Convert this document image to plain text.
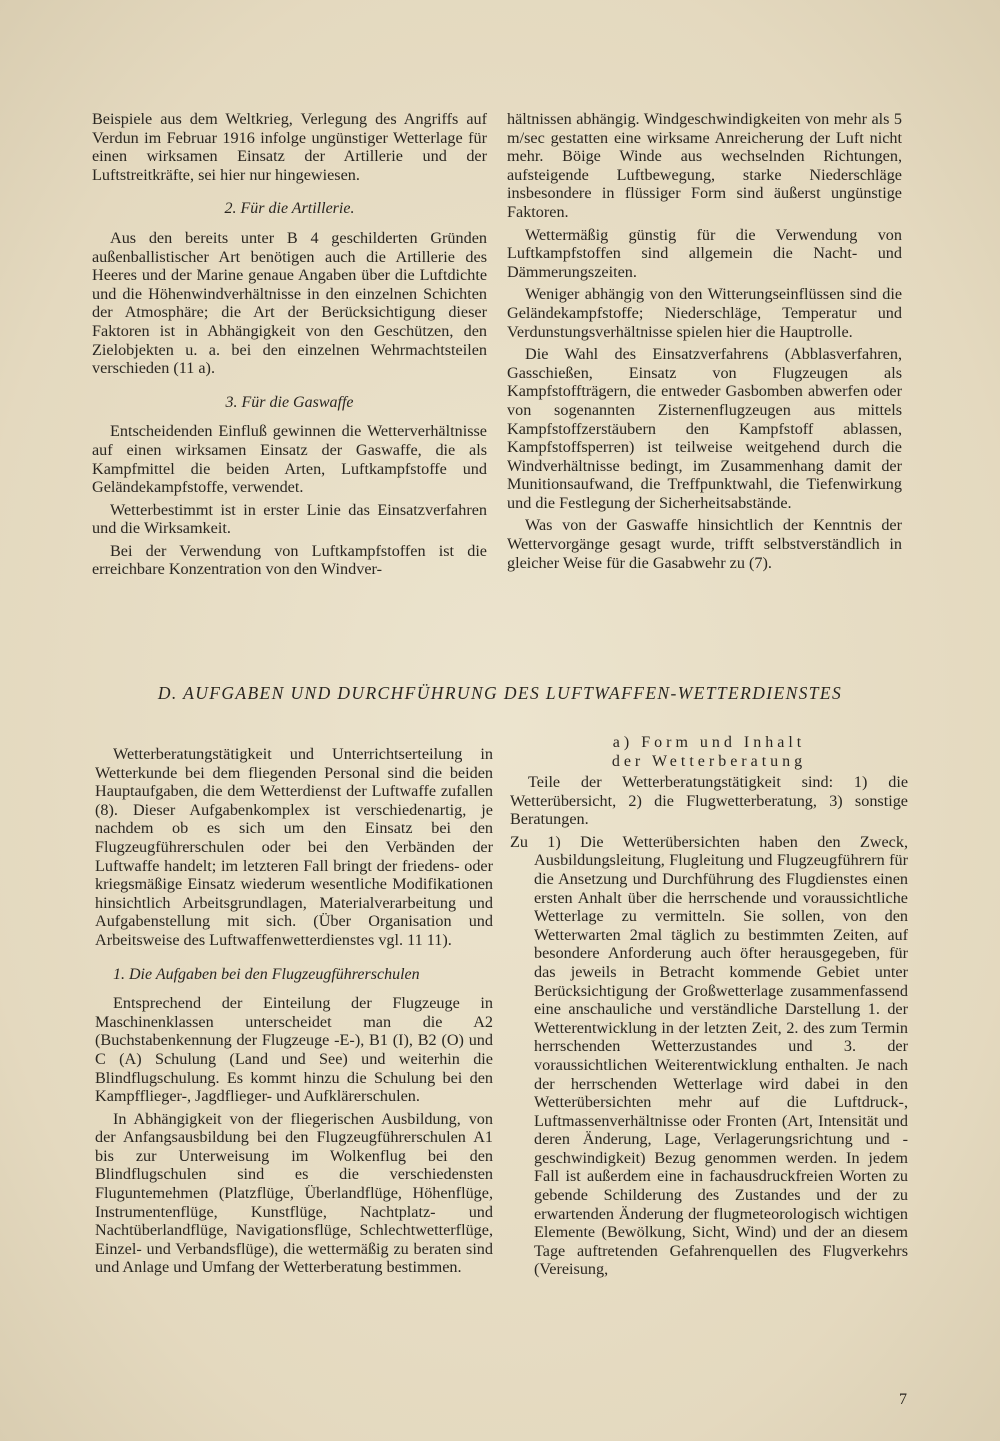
Beispiele aus dem Weltkrieg, Verlegung des Angriffs auf Verdun im Februar 1916 infolge ungünstiger Wetterlage für einen wirksamen Einsatz der Artillerie und der Luftstreitkräfte, sei hier nur hingewiesen.

2. Für die Artillerie.

Aus den bereits unter B 4 geschilderten Gründen außenballistischer Art benötigen auch die Artillerie des Heeres und der Marine genaue Angaben über die Luftdichte und die Höhenwindverhältnisse in den einzelnen Schichten der Atmosphäre; die Art der Berücksichtigung dieser Faktoren ist in Abhängigkeit von den Geschützen, den Zielobjekten u. a. bei den einzelnen Wehrmachtsteilen verschieden (11 a).

3. Für die Gaswaffe

Entscheidenden Einfluß gewinnen die Wetterverhältnisse auf einen wirksamen Einsatz der Gaswaffe, die als Kampfmittel die beiden Arten, Luftkampfstoffe und Geländekampfstoffe, verwendet.

Wetterbestimmt ist in erster Linie das Einsatzverfahren und die Wirksamkeit.

Bei der Verwendung von Luftkampfstoffen ist die erreichbare Konzentration von den Windver-

hältnissen abhängig. Windgeschwindigkeiten von mehr als 5 m/sec gestatten eine wirksame Anreicherung der Luft nicht mehr. Böige Winde aus wechselnden Richtungen, aufsteigende Luftbewegung, starke Niederschläge insbesondere in flüssiger Form sind äußerst ungünstige Faktoren.

Wettermäßig günstig für die Verwendung von Luftkampfstoffen sind allgemein die Nacht- und Dämmerungszeiten.

Weniger abhängig von den Witterungseinflüssen sind die Geländekampfstoffe; Niederschläge, Temperatur und Verdunstungsverhältnisse spielen hier die Hauptrolle.

Die Wahl des Einsatzverfahrens (Abblasverfahren, Gasschießen, Einsatz von Flugzeugen als Kampfstoffträgern, die entweder Gasbomben abwerfen oder von sogenannten Zisternenflugzeugen aus mittels Kampfstoffzerstäubern den Kampfstoff ablassen, Kampfstoffsperren) ist teilweise weitgehend durch die Windverhältnisse bedingt, im Zusammenhang damit der Munitionsaufwand, die Treffpunktwahl, die Tiefenwirkung und die Festlegung der Sicherheitsabstände.

Was von der Gaswaffe hinsichtlich der Kenntnis der Wettervorgänge gesagt wurde, trifft selbstverständlich in gleicher Weise für die Gasabwehr zu (7).

D. AUFGABEN UND DURCHFÜHRUNG DES LUFTWAFFEN-WETTERDIENSTES

Wetterberatungstätigkeit und Unterrichtserteilung in Wetterkunde bei dem fliegenden Personal sind die beiden Hauptaufgaben, die dem Wetterdienst der Luftwaffe zufallen (8). Dieser Aufgabenkomplex ist verschiedenartig, je nachdem ob es sich um den Einsatz bei den Flugzeugführerschulen oder bei den Verbänden der Luftwaffe handelt; im letzteren Fall bringt der friedens- oder kriegsmäßige Einsatz wiederum wesentliche Modifikationen hinsichtlich Arbeitsgrundlagen, Materialverarbeitung und Aufgabenstellung mit sich. (Über Organisation und Arbeitsweise des Luftwaffenwetterdienstes vgl. 11 11).

1. Die Aufgaben bei den Flugzeugführerschulen

Entsprechend der Einteilung der Flugzeuge in Maschinenklassen unterscheidet man die A2 (Buchstabenkennung der Flugzeuge -E-), B1 (I), B2 (O) und C (A) Schulung (Land und See) und weiterhin die Blindflugschulung. Es kommt hinzu die Schulung bei den Kampfflieger-, Jagdflieger- und Aufklärerschulen.

In Abhängigkeit von der fliegerischen Ausbildung, von der Anfangsausbildung bei den Flugzeugführerschulen A1 bis zur Unterweisung im Wolkenflug bei den Blindflugschulen sind es die verschiedensten Fluguntemehmen (Platzflüge, Überlandflüge, Höhenflüge, Instrumentenflüge, Kunstflüge, Nachtplatz- und Nachtüberlandflüge, Navigationsflüge, Schlechtwetterflüge, Einzel- und Verbandsflüge), die wettermäßig zu beraten sind und Anlage und Umfang der Wetterberatung bestimmen.

a) Form und Inhalt
der Wetterberatung

Teile der Wetterberatungstätigkeit sind: 1) die Wetterübersicht, 2) die Flugwetterberatung, 3) sonstige Beratungen.

Zu 1) Die Wetterübersichten haben den Zweck, Ausbildungsleitung, Flugleitung und Flugzeugführern für die Ansetzung und Durchführung des Flugdienstes einen ersten Anhalt über die herrschende und voraussichtliche Wetterlage zu vermitteln. Sie sollen, von den Wetterwarten 2mal täglich zu bestimmten Zeiten, auf besondere Anforderung auch öfter herausgegeben, für das jeweils in Betracht kommende Gebiet unter Berücksichtigung der Großwetterlage zusammenfassend eine anschauliche und verständliche Darstellung 1. der Wetterentwicklung in der letzten Zeit, 2. des zum Termin herrschenden Wetterzustandes und 3. der voraussichtlichen Weiterentwicklung enthalten. Je nach der herrschenden Wetterlage wird dabei in den Wetterübersichten mehr auf die Luftdruck-, Luftmassenverhältnisse oder Fronten (Art, Intensität und deren Änderung, Lage, Verlagerungsrichtung und -geschwindigkeit) Bezug genommen werden. In jedem Fall ist außerdem eine in fachausdruckfreien Worten zu gebende Schilderung des Zustandes und der zu erwartenden Änderung der flugmeteorologisch wichtigen Elemente (Bewölkung, Sicht, Wind) und der an diesem Tage auftretenden Gefahrenquellen des Flugverkehrs (Vereisung,

7
